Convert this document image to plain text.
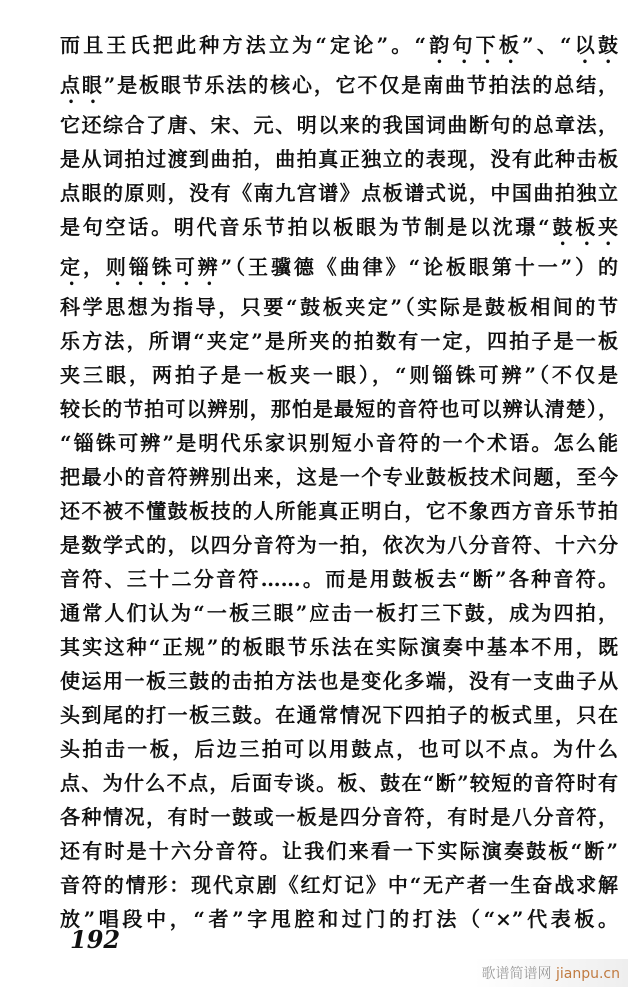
而且王氏把此种方法立为“定论”。“韵句下板”、“以鼓
点眼”是板眼节乐法的核心，它不仅是南曲节拍法的总结，
它还综合了唐、宋、元、明以来的我国词曲断句的总章法，
是从词拍过渡到曲拍，曲拍真正独立的表现，没有此种击板
点眼的原则，没有《南九宫谱》点板谱式说，中国曲拍独立
是句空话。明代音乐节拍以板眼为节制是以沈璟“鼓板夹
定，则锱铢可辨”（王骥德《曲律》“论板眼第十一”）的
科学思想为指导，只要“鼓板夹定”（实际是鼓板相间的节
乐方法，所谓“夹定”是所夹的拍数有一定，四拍子是一板
夹三眼，两拍子是一板夹一眼），“则锱铢可辨”（不仅是
较长的节拍可以辨别，那怕是最短的音符也可以辨认清楚），
“锱铢可辨”是明代乐家识别短小音符的一个术语。怎么能
把最小的音符辨别出来，这是一个专业鼓板技术问题，至今
还不被不懂鼓板技的人所能真正明白，它不象西方音乐节拍
是数学式的，以四分音符为一拍，依次为八分音符、十六分
音符、三十二分音符……。而是用鼓板去“断”各种音符。
通常人们认为“一板三眼”应击一板打三下鼓，成为四拍，
其实这种“正规”的板眼节乐法在实际演奏中基本不用，既
使运用一板三鼓的击拍方法也是变化多端，没有一支曲子从
头到尾的打一板三鼓。在通常情况下四拍子的板式里，只在
头拍击一板，后边三拍可以用鼓点，也可以不点。为什么
点、为什么不点，后面专谈。板、鼓在“断”较短的音符时有
各种情况，有时一鼓或一板是四分音符，有时是八分音符，
还有时是十六分音符。让我们来看一下实际演奏鼓板“断”
音符的情形：现代京剧《红灯记》中“无产者一生奋战求解
放”唱段中，“者”字甩腔和过门的打法（“×”代表板。
192
歌谱简谱网 jianpu.cn
